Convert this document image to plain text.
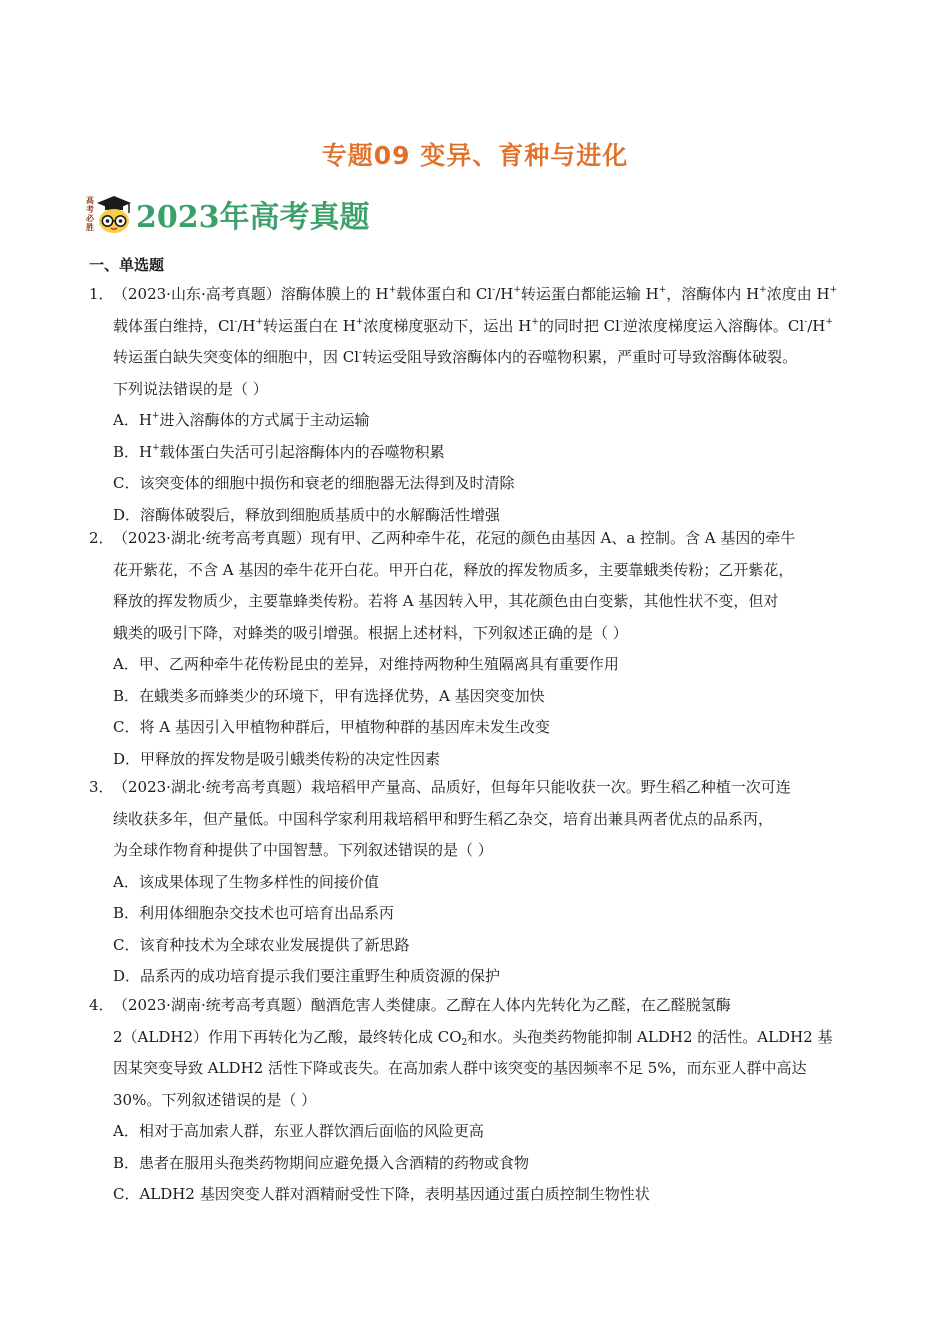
专题09 变异、育种与进化
高
考
必
胜 2023年高考真题
一、单选题
1．（2023·山东·高考真题）溶酶体膜上的 H+载体蛋白和 Cl-/H+转运蛋白都能运输 H+，溶酶体内 H+浓度由 H+
载体蛋白维持，Cl-/H+转运蛋白在 H+浓度梯度驱动下，运出 H+的同时把 Cl-逆浓度梯度运入溶酶体。Cl-/H+
转运蛋白缺失突变体的细胞中，因 Cl-转运受阻导致溶酶体内的吞噬物积累，严重时可导致溶酶体破裂。
下列说法错误的是（ ）
A．H+进入溶酶体的方式属于主动运输
B．H+载体蛋白失活可引起溶酶体内的吞噬物积累
C．该突变体的细胞中损伤和衰老的细胞器无法得到及时清除
D．溶酶体破裂后，释放到细胞质基质中的水解酶活性增强
2．（2023·湖北·统考高考真题）现有甲、乙两种牵牛花，花冠的颜色由基因 A、a 控制。含 A 基因的牵牛
花开紫花，不含 A 基因的牵牛花开白花。甲开白花，释放的挥发物质多，主要靠蛾类传粉；乙开紫花，
释放的挥发物质少，主要靠蜂类传粉。若将 A 基因转入甲，其花颜色由白变紫，其他性状不变，但对
蛾类的吸引下降，对蜂类的吸引增强。根据上述材料，下列叙述正确的是（ ）
A．甲、乙两种牵牛花传粉昆虫的差异，对维持两物种生殖隔离具有重要作用
B．在蛾类多而蜂类少的环境下，甲有选择优势，A 基因突变加快
C．将 A 基因引入甲植物种群后，甲植物种群的基因库未发生改变
D．甲释放的挥发物是吸引蛾类传粉的决定性因素
3．（2023·湖北·统考高考真题）栽培稻甲产量高、品质好，但每年只能收获一次。野生稻乙种植一次可连
续收获多年，但产量低。中国科学家利用栽培稻甲和野生稻乙杂交，培育出兼具两者优点的品系丙，
为全球作物育种提供了中国智慧。下列叙述错误的是（ ）
A．该成果体现了生物多样性的间接价值
B．利用体细胞杂交技术也可培育出品系丙
C．该育种技术为全球农业发展提供了新思路
D．品系丙的成功培育提示我们要注重野生种质资源的保护
4．（2023·湖南·统考高考真题）酗酒危害人类健康。乙醇在人体内先转化为乙醛，在乙醛脱氢酶
2（ALDH2）作用下再转化为乙酸，最终转化成 $CO_2$和水。头孢类药物能抑制 ALDH2 的活性。ALDH2 基
因某突变导致 ALDH2 活性下降或丧失。在高加索人群中该突变的基因频率不足 5%，而东亚人群中高达
30%。下列叙述错误的是（ ）
A．相对于高加索人群，东亚人群饮酒后面临的风险更高
B．患者在服用头孢类药物期间应避免摄入含酒精的药物或食物
C．ALDH2 基因突变人群对酒精耐受性下降，表明基因通过蛋白质控制生物性状
